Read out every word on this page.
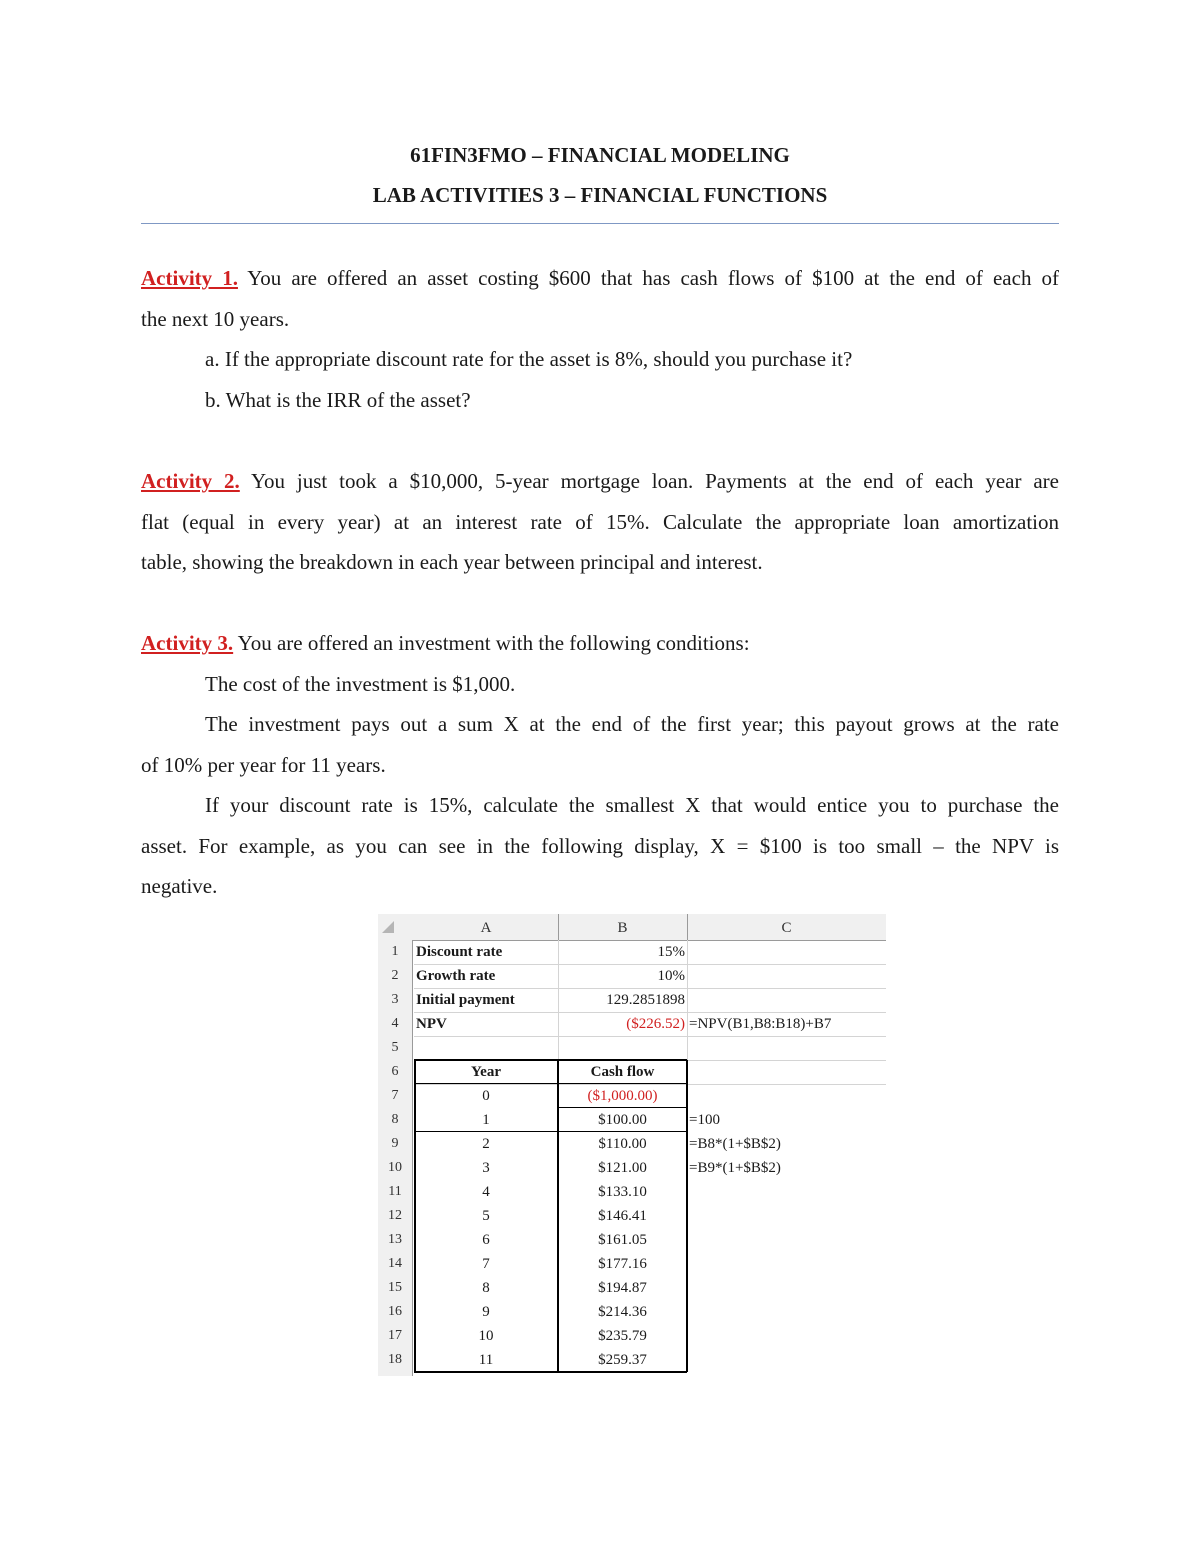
61FIN3FMO – FINANCIAL MODELING
LAB ACTIVITIES 3 – FINANCIAL FUNCTIONS
Activity 1. You are offered an asset costing $600 that has cash flows of $100 at the end of each of
the next 10 years.
a. If the appropriate discount rate for the asset is 8%, should you purchase it?
b. What is the IRR of the asset?
Activity 2. You just took a $10,000, 5-year mortgage loan. Payments at the end of each year are
flat (equal in every year) at an interest rate of 15%. Calculate the appropriate loan amortization
table, showing the breakdown in each year between principal and interest.
Activity 3. You are offered an investment with the following conditions:
The cost of the investment is $1,000.
The investment pays out a sum X at the end of the first year; this payout grows at the rate
of 10% per year for 11 years.
If your discount rate is 15%, calculate the smallest X that would entice you to purchase the
asset. For example, as you can see in the following display, X = $100 is too small – the NPV is
negative.
A	B	C
1	Discount rate	15%
2	Growth rate	10%
3	Initial payment	129.2851898
4	NPV	($226.52) =NPV(B1,B8:B18)+B7
5
6	Year	Cash flow
7	0	($1,000.00)
8	1	$100.00	=100
9	2	$110.00	=B8*(1+$B$2)
10	3	$121.00	=B9*(1+$B$2)
11	4	$133.10
12	5	$146.41
13	6	$161.05
14	7	$177.16
15	8	$194.87
16	9	$214.36
17	10	$235.79
18	11	$259.37
